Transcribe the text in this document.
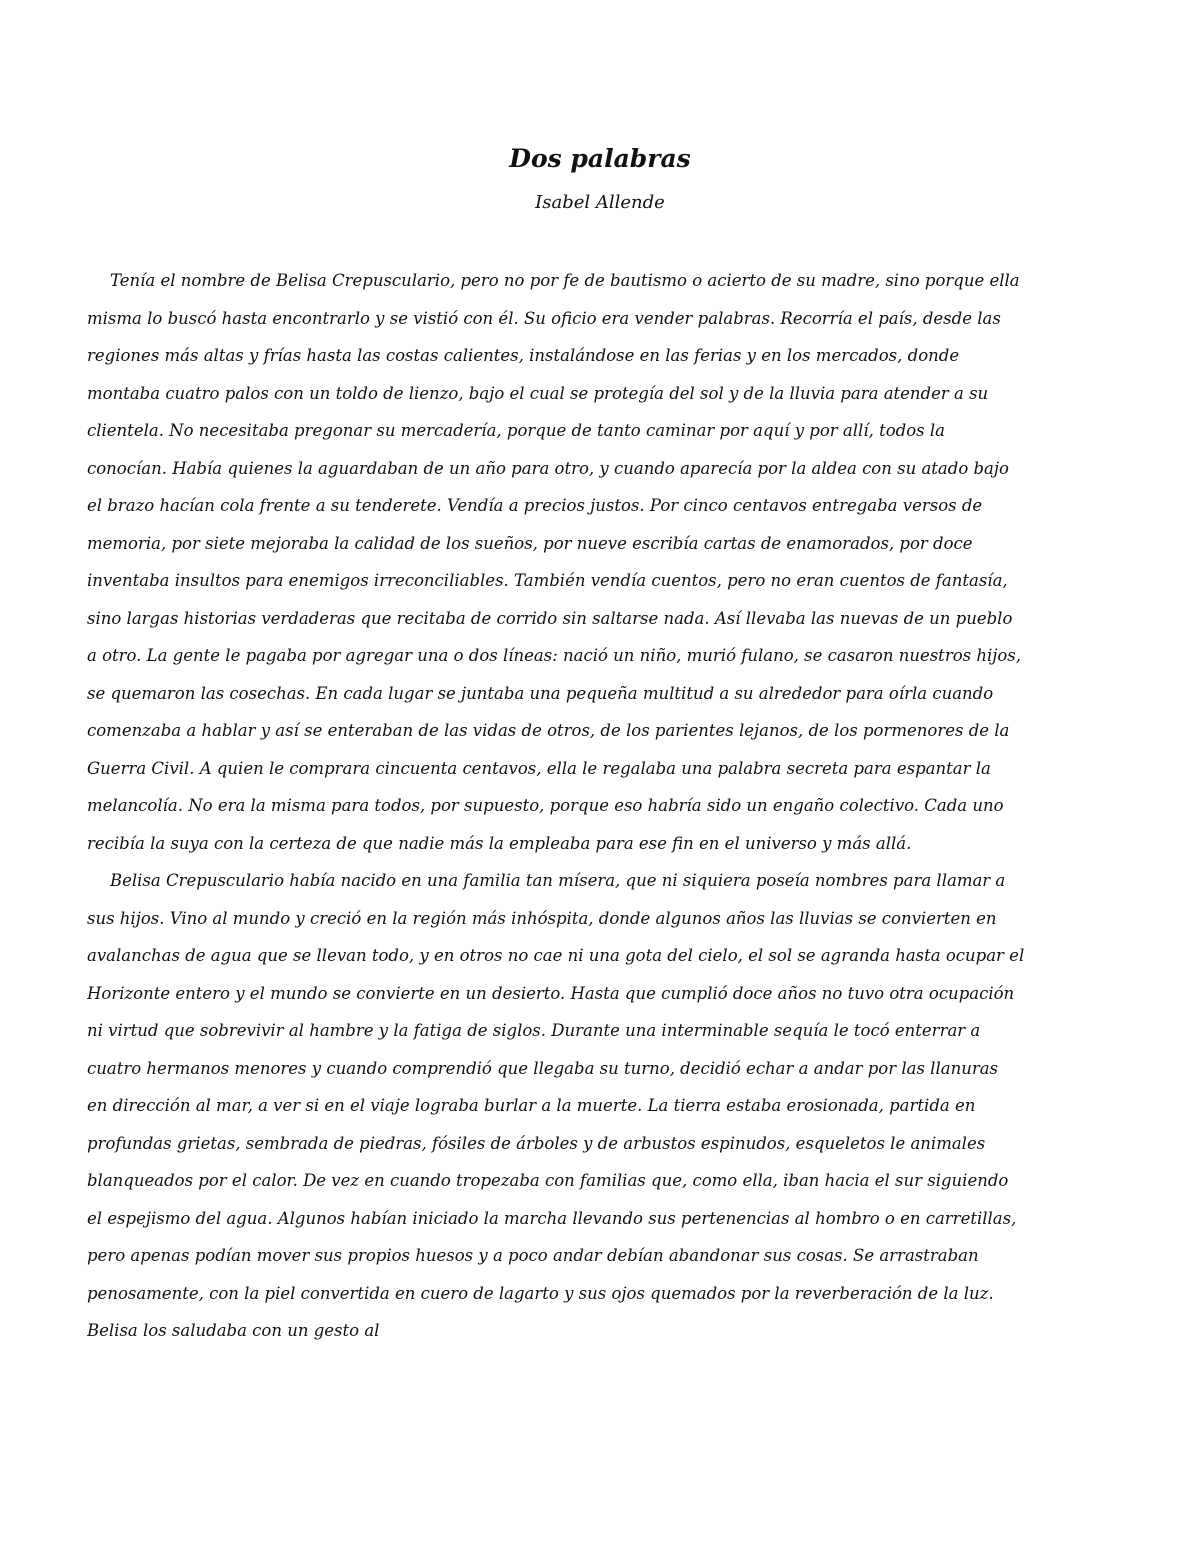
Dos palabras
Isabel Allende
Tenía el nombre de Belisa Crepusculario, pero no por fe de bautismo o acierto de su madre, sino porque ella
misma lo buscó hasta encontrarlo y se vistió con él. Su oficio era vender palabras. Recorría el país, desde las
regiones más altas y frías hasta las costas calientes, instalándose en las ferias y en los mercados, donde
montaba cuatro palos con un toldo de lienzo, bajo el cual se protegía del sol y de la lluvia para atender a su
clientela. No necesitaba pregonar su mercadería, porque de tanto caminar por aquí y por allí, todos la
conocían. Había quienes la aguardaban de un año para otro, y cuando aparecía por la aldea con su atado bajo
el brazo hacían cola frente a su tenderete. Vendía a precios justos. Por cinco centavos entregaba versos de
memoria, por siete mejoraba la calidad de los sueños, por nueve escribía cartas de enamorados, por doce
inventaba insultos para enemigos irreconciliables. También vendía cuentos, pero no eran cuentos de fantasía,
sino largas historias verdaderas que recitaba de corrido sin saltarse nada. Así llevaba las nuevas de un pueblo
a otro. La gente le pagaba por agregar una o dos líneas: nació un niño, murió fulano, se casaron nuestros hijos,
se quemaron las cosechas. En cada lugar se juntaba una pequeña multitud a su alrededor para oírla cuando
comenzaba a hablar y así se enteraban de las vidas de otros, de los parientes lejanos, de los pormenores de la
Guerra Civil. A quien le comprara cincuenta centavos, ella le regalaba una palabra secreta para espantar la
melancolía. No era la misma para todos, por supuesto, porque eso habría sido un engaño colectivo. Cada uno
recibía la suya con la certeza de que nadie más la empleaba para ese fin en el universo y más allá.
Belisa Crepusculario había nacido en una familia tan mísera, que ni siquiera poseía nombres para llamar a
sus hijos. Vino al mundo y creció en la región más inhóspita, donde algunos años las lluvias se convierten en
avalanchas de agua que se llevan todo, y en otros no cae ni una gota del cielo, el sol se agranda hasta ocupar el
Horizonte entero y el mundo se convierte en un desierto. Hasta que cumplió doce años no tuvo otra ocupación
ni virtud que sobrevivir al hambre y la fatiga de siglos. Durante una interminable sequía le tocó enterrar a
cuatro hermanos menores y cuando comprendió que llegaba su turno, decidió echar a andar por las llanuras
en dirección al mar, a ver si en el viaje lograba burlar a la muerte. La tierra estaba erosionada, partida en
profundas grietas, sembrada de piedras, fósiles de árboles y de arbustos espinudos, esqueletos le animales
blanqueados por el calor. De vez en cuando tropezaba con familias que, como ella, iban hacia el sur siguiendo
el espejismo del agua. Algunos habían iniciado la marcha llevando sus pertenencias al hombro o en carretillas,
pero apenas podían mover sus propios huesos y a poco andar debían abandonar sus cosas. Se arrastraban
penosamente, con la piel convertida en cuero de lagarto y sus ojos quemados por la reverberación de la luz.
Belisa los saludaba con un gesto al
